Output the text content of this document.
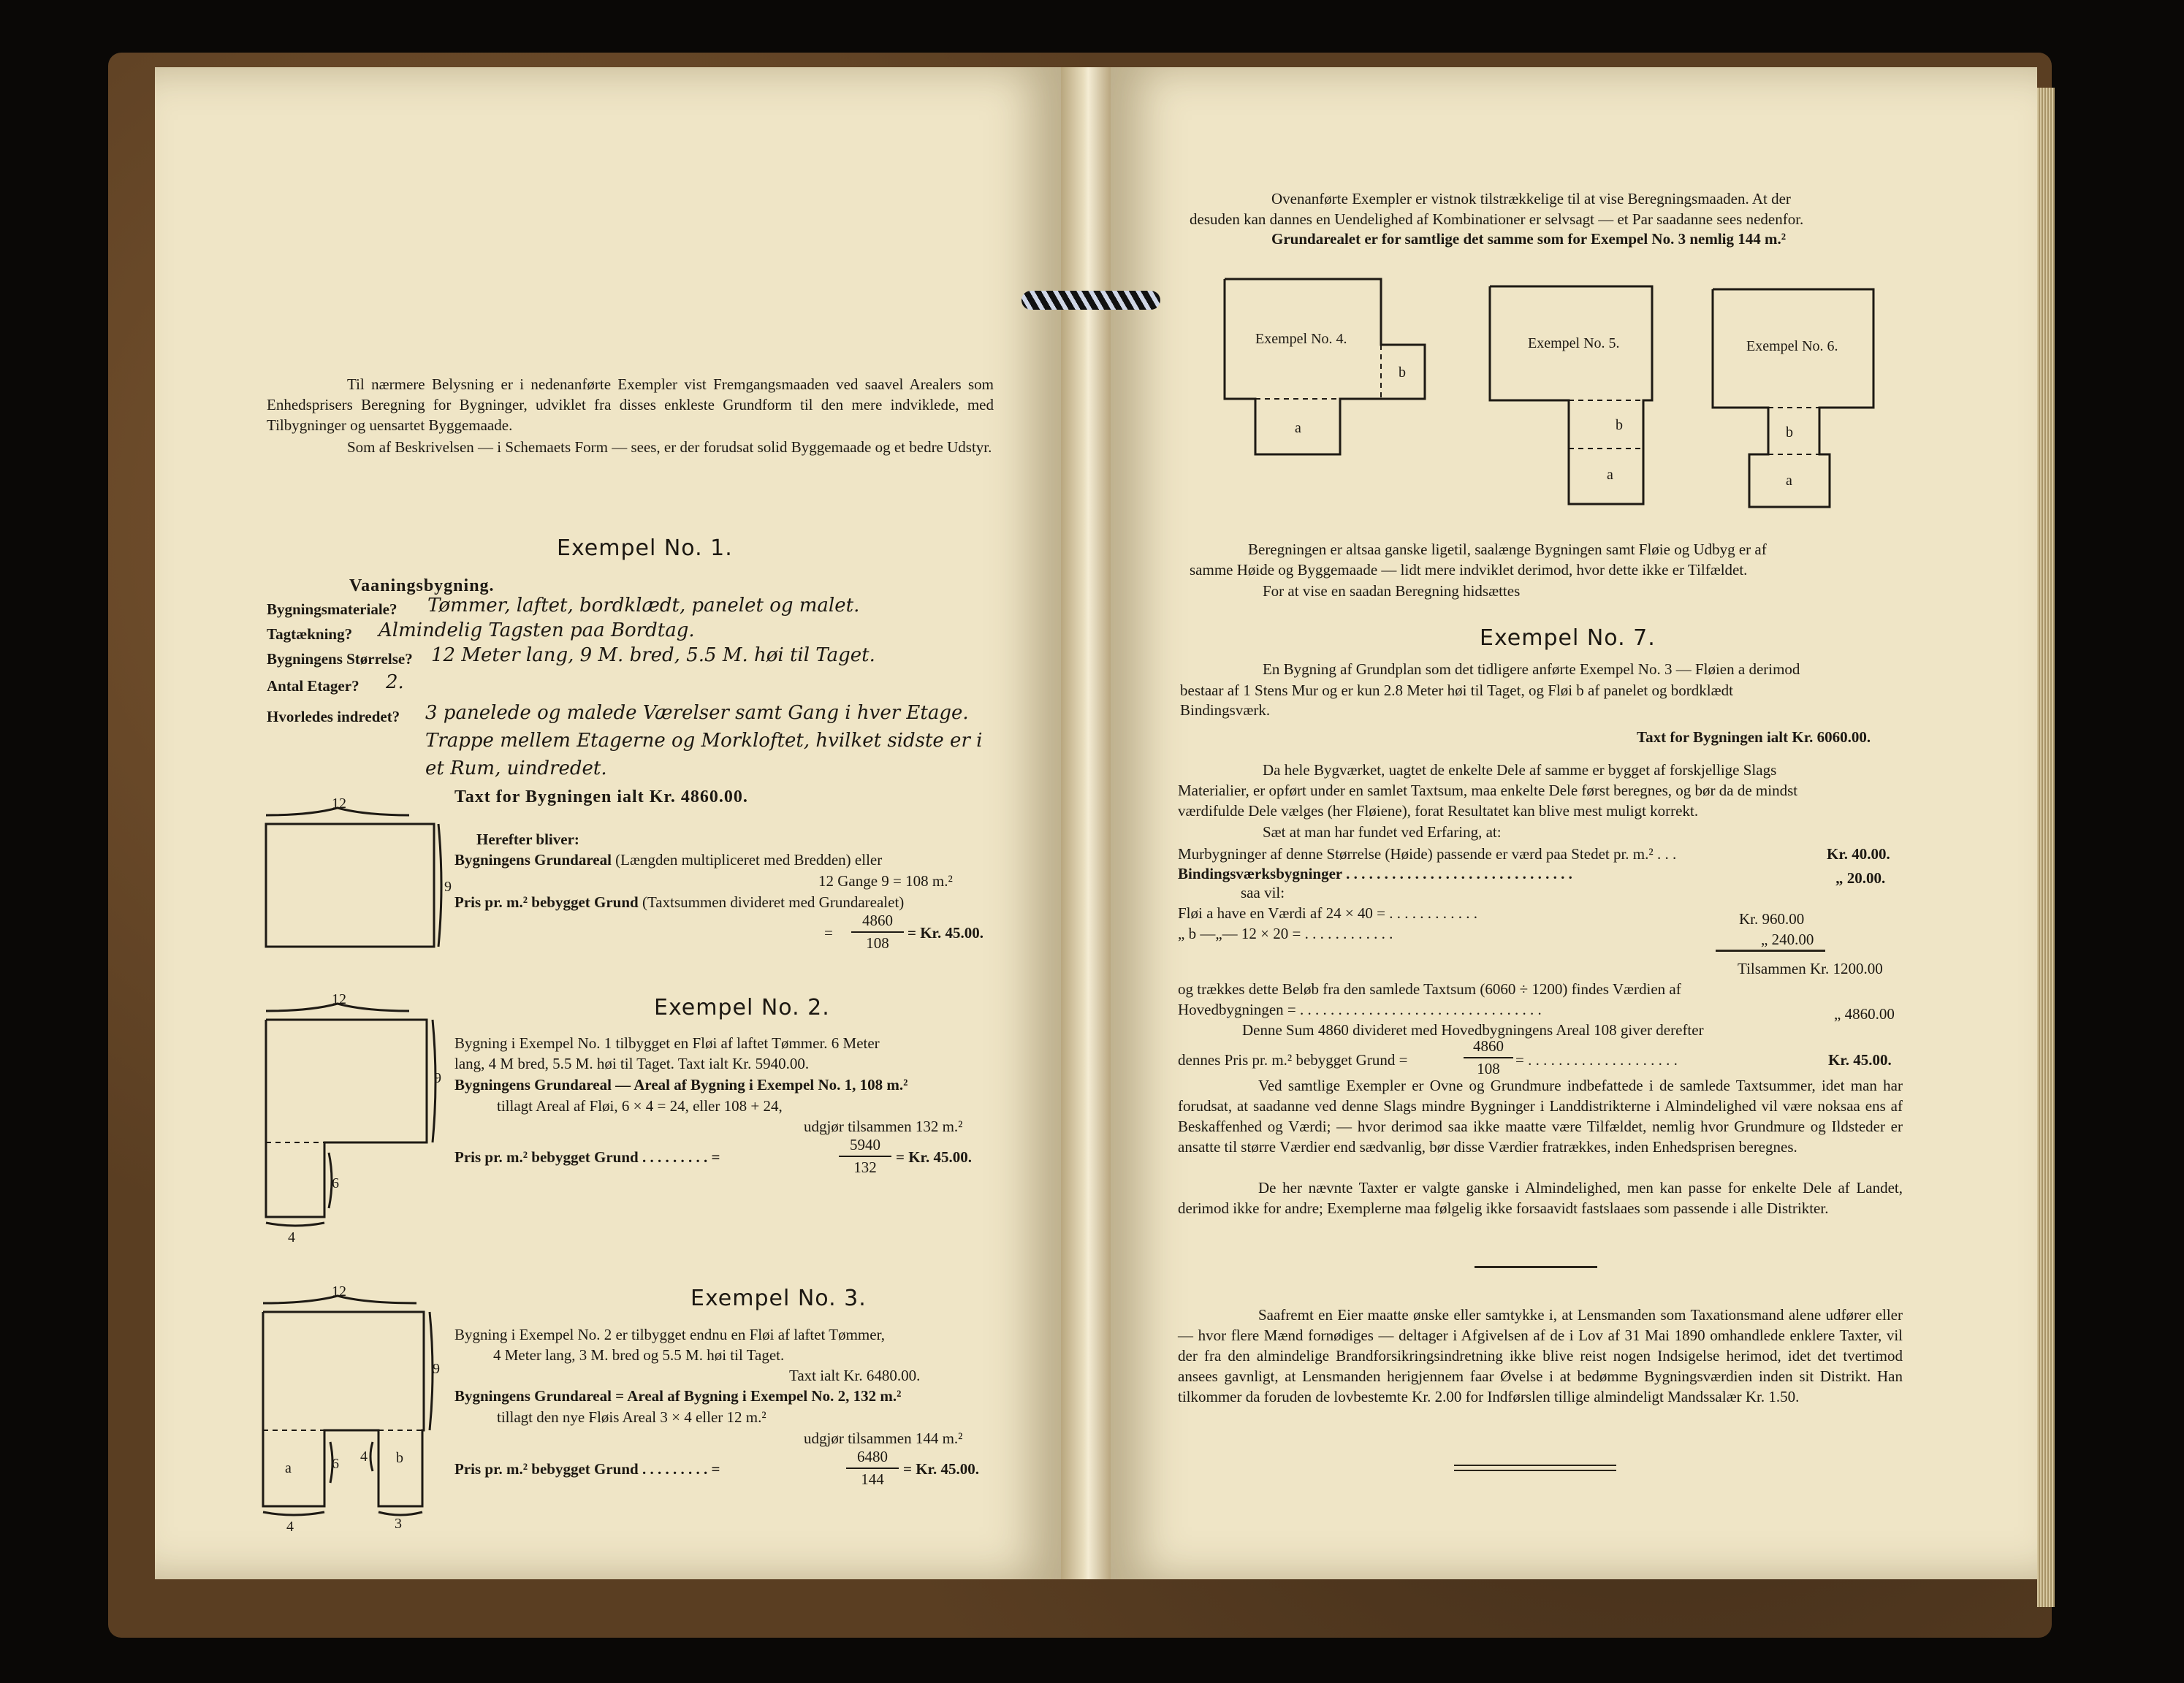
Til nærmere Belysning er i nedenanførte Exempler vist Fremgangsmaaden ved saavel Arealers som Enhedsprisers Beregning for Bygninger, udviklet fra disses enkleste Grundform til den mere indviklede, med Tilbygninger og uensartet Byggemaade.
Som af Beskrivelsen — i Schemaets Form — sees, er der forudsat solid Byggemaade og et bedre Udstyr.
Exempel No. 1.
Vaaningsbygning.
Bygningsmateriale? Tømmer, laftet, bordklædt, panelet og malet.
Tagtækning? Almindelig Tagsten paa Bordtag.
Bygningens Størrelse? 12 Meter lang, 9 M. bred, 5.5 M. høi til Taget.
Antal Etager? 2.
Hvorledes indredet? 3 panelede og malede Værelser samt Gang i hver Etage.
Trappe mellem Etagerne og Morkloftet, hvilket sidste er i
et Rum, uindredet.
Taxt for Bygningen ialt Kr. 4860.00.
12
9
Herefter bliver:
Bygningens Grundareal (Længden multipliceret med Bredden) eller
12 Gange 9 = 108 m.²
Pris pr. m.² bebygget Grund (Taxtsummen divideret med Grundarealet)
=
4860
108
= Kr. 45.00.
Exempel No. 2.
12
9
6
4
Bygning i Exempel No. 1 tilbygget en Fløi af laftet Tømmer. 6 Meter
lang, 4 M bred, 5.5 M. høi til Taget. Taxt ialt Kr. 5940.00.
Bygningens Grundareal — Areal af Bygning i Exempel No. 1, 108 m.²
tillagt Areal af Fløi, 6 × 4 = 24, eller 108 + 24,
udgjør tilsammen 132 m.²
Pris pr. m.² bebygget Grund . . . . . . . . . =
5940
132
= Kr. 45.00.
Exempel No. 3.
12
9
6 4
4	3
a
b
Bygning i Exempel No. 2 er tilbygget endnu en Fløi af laftet Tømmer,
4 Meter lang, 3 M. bred og 5.5 M. høi til Taget.
Taxt ialt Kr. 6480.00.
Bygningens Grundareal = Areal af Bygning i Exempel No. 2, 132 m.²
tillagt den nye Fløis Areal 3 × 4 eller 12 m.²
udgjør tilsammen 144 m.²
Pris pr. m.² bebygget Grund . . . . . . . . . =
6480
144
= Kr. 45.00.
Ovenanførte Exempler er vistnok tilstrækkelige til at vise Beregningsmaaden. At der
desuden kan dannes en Uendelighed af Kombinationer er selvsagt — et Par saadanne sees nedenfor.
Grundarealet er for samtlige det samme som for Exempel No. 3 nemlig 144 m.²
Exempel No. 4.
b
a
Exempel No. 5.
b
a
Exempel No. 6.
b
a
Beregningen er altsaa ganske ligetil, saalænge Bygningen samt Fløie og Udbyg er af
samme Høide og Byggemaade — lidt mere indviklet derimod, hvor dette ikke er Tilfældet.
For at vise en saadan Beregning hidsættes
Exempel No. 7.
En Bygning af Grundplan som det tidligere anførte Exempel No. 3 — Fløien a derimod
bestaar af 1 Stens Mur og er kun 2.8 Meter høi til Taget, og Fløi b af panelet og bordklædt
Bindingsværk.
Taxt for Bygningen ialt Kr. 6060.00.
Da hele Bygværket, uagtet de enkelte Dele af samme er bygget af forskjellige Slags
Materialier, er opført under en samlet Taxtsum, maa enkelte Dele først beregnes, og bør da de mindst
værdifulde Dele vælges (her Fløiene), forat Resultatet kan blive mest muligt korrekt.
Sæt at man har fundet ved Erfaring, at:
Murbygninger af denne Størrelse (Høide) passende er værd paa Stedet pr. m.² . . .	Kr. 40.00.
Bindingsværksbygninger . . . . . . . . . . . . . . . . . . . . . . . . . . . . . .	„ 20.00.
saa vil:
Fløi a have en Værdi af 24 × 40 = . . . . . . . . . . . .	Kr. 960.00
„ b —„— 12 × 20 = . . . . . . . . . . . .	„ 240.00
Tilsammen Kr. 1200.00
og trækkes dette Beløb fra den samlede Taxtsum (6060 ÷ 1200) findes Værdien af
Hovedbygningen = . . . . . . . . . . . . . . . . . . . . . . . . . . . . . . . .	„ 4860.00
Denne Sum 4860 divideret med Hovedbygningens Areal 108 giver derefter
dennes Pris pr. m.² bebygget Grund =
4860
108	= . . . . . . . . . . . . . . . . . . . .	Kr. 45.00.
Ved samtlige Exempler er Ovne og Grundmure indbefattede i de samlede Taxtsummer, idet man har forudsat, at saadanne ved denne Slags mindre Bygninger i Landdistrikterne i Almindelighed vil være noksaa ens af Beskaffenhed og Værdi; — hvor derimod saa ikke maatte være Tilfældet, nemlig hvor Grundmure og Ildsteder er ansatte til større Værdier end sædvanlig, bør disse Værdier fratrækkes, inden Enhedsprisen beregnes.
De her nævnte Taxter er valgte ganske i Almindelighed, men kan passe for enkelte Dele af Landet, derimod ikke for andre; Exemplerne maa følgelig ikke forsaavidt fastslaaes som passende i alle Distrikter.
Saafremt en Eier maatte ønske eller samtykke i, at Lensmanden som Taxationsmand alene udfører eller — hvor flere Mænd fornødiges — deltager i Afgivelsen af de i Lov af 31 Mai 1890 omhandlede enklere Taxter, vil der fra den almindelige Brandforsikringsindretning ikke blive reist nogen Indsigelse herimod, idet det tvertimod ansees gavnligt, at Lensmanden herigjennem faar Øvelse i at bedømme Bygningsværdien inden sit Distrikt. Han tilkommer da foruden de lovbestemte Kr. 2.00 for Indførslen tillige almindeligt Mandssalær Kr. 1.50.
